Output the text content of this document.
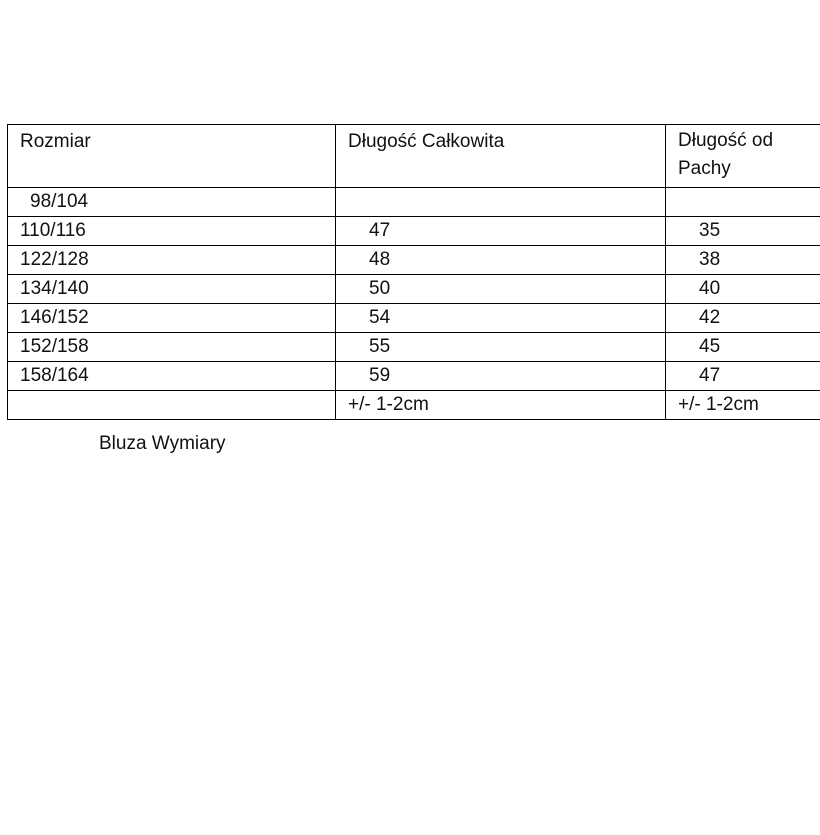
Rozmiar	Długość Całkowita	Długość od Pachy
98/104		
110/116	47	35
122/128	48	38
134/140	50	40
146/152	54	42
152/158	55	45
158/164	59	47
	+/- 1-2cm	+/- 1-2cm
Bluza Wymiary
